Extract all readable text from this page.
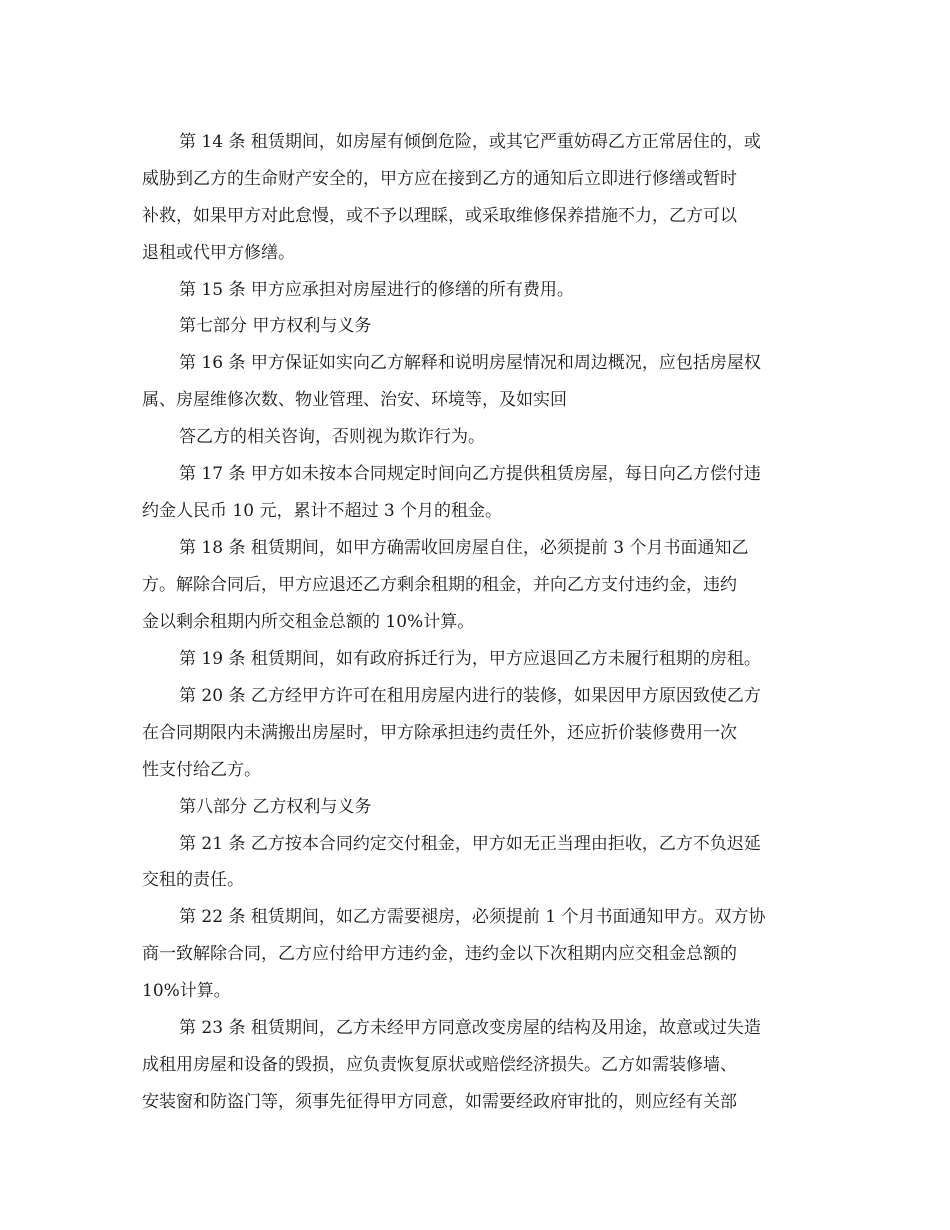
第 14 条 租赁期间，如房屋有倾倒危险，或其它严重妨碍乙方正常居住的，或
威胁到乙方的生命财产安全的，甲方应在接到乙方的通知后立即进行修缮或暂时
补救，如果甲方对此怠慢，或不予以理睬，或采取维修保养措施不力，乙方可以
退租或代甲方修缮。
第 15 条 甲方应承担对房屋进行的修缮的所有费用。
第七部分 甲方权利与义务
第 16 条 甲方保证如实向乙方解释和说明房屋情况和周边概况，应包括房屋权
属、房屋维修次数、物业管理、治安、环境等，及如实回
答乙方的相关咨询，否则视为欺诈行为。
第 17 条 甲方如未按本合同规定时间向乙方提供租赁房屋，每日向乙方偿付违
约金人民币 10 元，累计不超过 3 个月的租金。
第 18 条 租赁期间，如甲方确需收回房屋自住，必须提前 3 个月书面通知乙
方。解除合同后，甲方应退还乙方剩余租期的租金，并向乙方支付违约金，违约
金以剩余租期内所交租金总额的 10%计算。
第 19 条 租赁期间，如有政府拆迁行为，甲方应退回乙方未履行租期的房租。
第 20 条 乙方经甲方许可在租用房屋内进行的装修，如果因甲方原因致使乙方
在合同期限内未满搬出房屋时，甲方除承担违约责任外，还应折价装修费用一次
性支付给乙方。
第八部分 乙方权利与义务
第 21 条 乙方按本合同约定交付租金，甲方如无正当理由拒收，乙方不负迟延
交租的责任。
第 22 条 租赁期间，如乙方需要褪房，必须提前 1 个月书面通知甲方。双方协
商一致解除合同，乙方应付给甲方违约金，违约金以下次租期内应交租金总额的
10%计算。
第 23 条 租赁期间，乙方未经甲方同意改变房屋的结构及用途，故意或过失造
成租用房屋和设备的毁损，应负责恢复原状或赔偿经济损失。乙方如需装修墙、
安装窗和防盗门等，须事先征得甲方同意，如需要经政府审批的，则应经有关部
